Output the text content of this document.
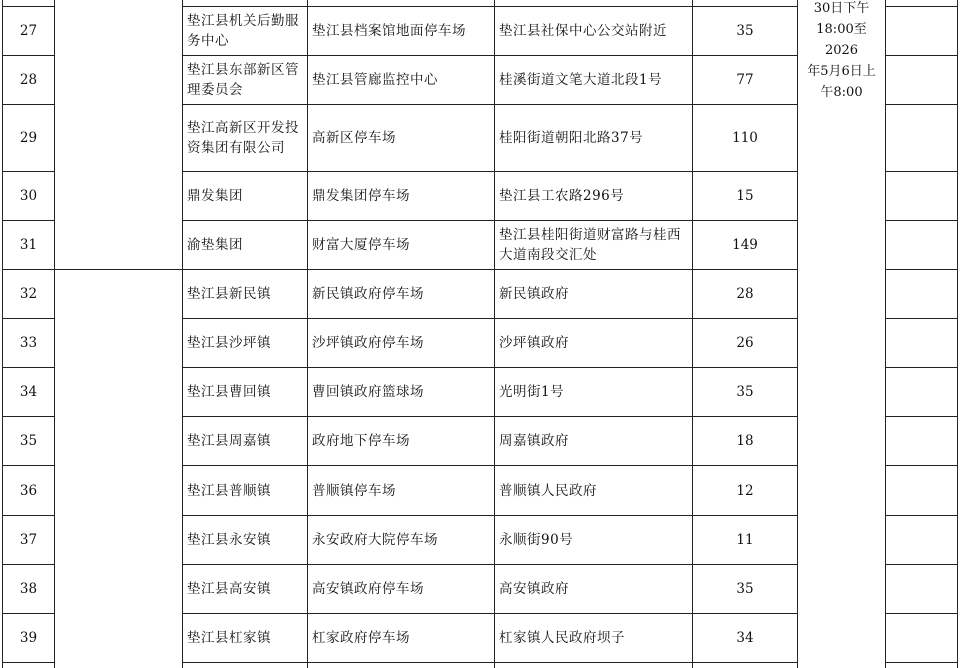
						30日下午
18:00至2026
年5月6日上
午8:00		

27		垫江县机关后勤服务中心	垫江县档案馆地面停车场	垫江县社保中心公交站附近	35			
28		垫江县东部新区管理委员会	垫江县管廊监控中心	桂溪街道文笔大道北段1号	77			
29		垫江高新区开发投资集团有限公司	高新区停车场	桂阳街道朝阳北路37号	110			
30		鼎发集团	鼎发集团停车场	垫江县工农路296号	15			
31		渝垫集团	财富大厦停车场	垫江县桂阳街道财富路与桂西大道南段交汇处	149			
32		垫江县新民镇	新民镇政府停车场	新民镇政府	28			
33		垫江县沙坪镇	沙坪镇政府停车场	沙坪镇政府	26			
34		垫江县曹回镇	曹回镇政府篮球场	光明街1号	35			
35		垫江县周嘉镇	政府地下停车场	周嘉镇政府	18			
36		垫江县普顺镇	普顺镇停车场	普顺镇人民政府	12			
37		垫江县永安镇	永安政府大院停车场	永顺街90号	11			
38		垫江县高安镇	高安镇政府停车场	高安镇政府	35			
39		垫江县杠家镇	杠家政府停车场	杠家镇人民政府坝子	34			
